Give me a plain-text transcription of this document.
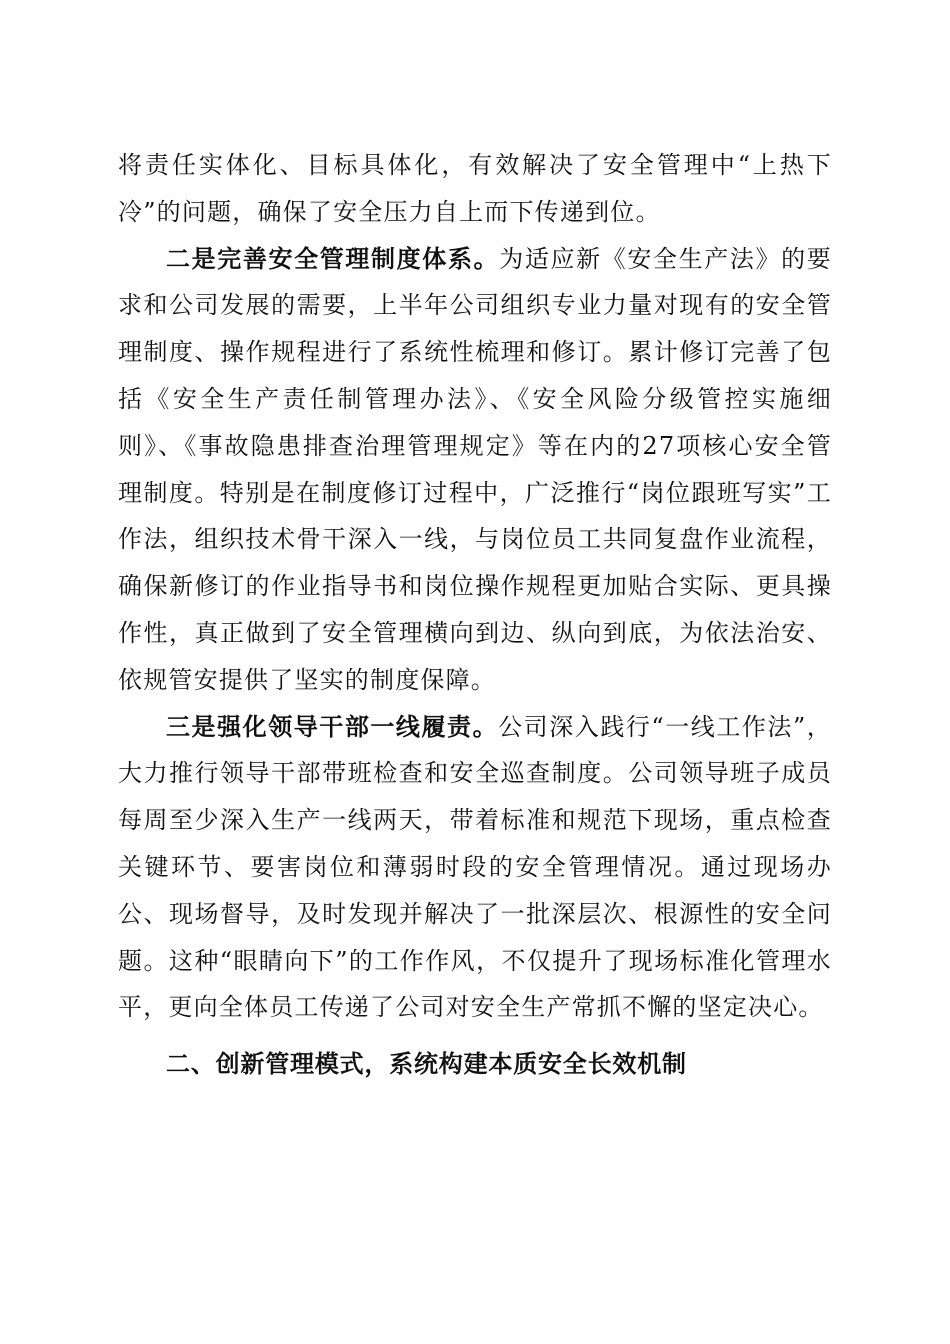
将责任实体化、目标具体化，有效解决了安全管理中“上热下冷”的问题，确保了安全压力自上而下传递到位。

二是完善安全管理制度体系。为适应新《安全生产法》的要求和公司发展的需要，上半年公司组织专业力量对现有的安全管理制度、操作规程进行了系统性梳理和修订。累计修订完善了包括《安全生产责任制管理办法》、《安全风险分级管控实施细则》、《事故隐患排查治理管理规定》等在内的27项核心安全管理制度。特别是在制度修订过程中，广泛推行“岗位跟班写实”工作法，组织技术骨干深入一线，与岗位员工共同复盘作业流程，确保新修订的作业指导书和岗位操作规程更加贴合实际、更具操作性，真正做到了安全管理横向到边、纵向到底，为依法治安、依规管安提供了坚实的制度保障。

三是强化领导干部一线履责。公司深入践行“一线工作法”，大力推行领导干部带班检查和安全巡查制度。公司领导班子成员每周至少深入生产一线两天，带着标准和规范下现场，重点检查关键环节、要害岗位和薄弱时段的安全管理情况。通过现场办公、现场督导，及时发现并解决了一批深层次、根源性的安全问题。这种“眼睛向下”的工作作风，不仅提升了现场标准化管理水平，更向全体员工传递了公司对安全生产常抓不懈的坚定决心。

二、创新管理模式，系统构建本质安全长效机制
